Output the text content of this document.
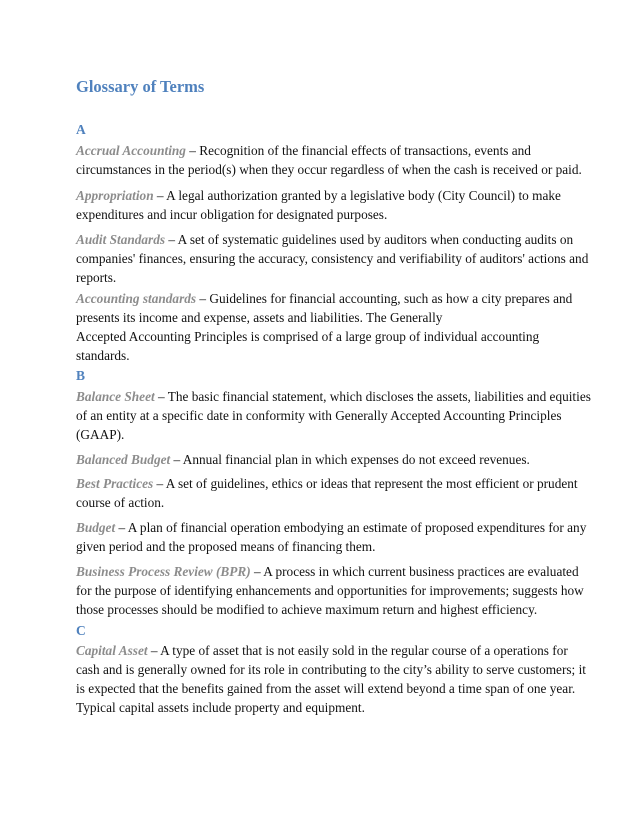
Glossary of Terms
A

Accrual Accounting – Recognition of the financial effects of transactions, events and
circumstances in the period(s) when they occur regardless of when the cash is received or paid.

Appropriation – A legal authorization granted by a legislative body (City Council) to make
expenditures and incur obligation for designated purposes.

Audit Standards – A set of systematic guidelines used by auditors when conducting audits on
companies' finances, ensuring the accuracy, consistency and verifiability of auditors' actions and
reports.

Accounting standards – Guidelines for financial accounting, such as how a city prepares and
presents its income and expense, assets and liabilities. The Generally
Accepted Accounting Principles is comprised of a large group of individual accounting
standards.

B

Balance Sheet – The basic financial statement, which discloses the assets, liabilities and equities
of an entity at a specific date in conformity with Generally Accepted Accounting Principles
(GAAP).

Balanced Budget – Annual financial plan in which expenses do not exceed revenues.

Best Practices – A set of guidelines, ethics or ideas that represent the most efficient or prudent
course of action.

Budget – A plan of financial operation embodying an estimate of proposed expenditures for any
given period and the proposed means of financing them.

Business Process Review (BPR) – A process in which current business practices are evaluated
for the purpose of identifying enhancements and opportunities for improvements; suggests how
those processes should be modified to achieve maximum return and highest efficiency.

C

Capital Asset – A type of asset that is not easily sold in the regular course of a operations for
cash and is generally owned for its role in contributing to the city’s ability to serve customers; it
is expected that the benefits gained from the asset will extend beyond a time span of one year.
Typical capital assets include property and equipment.
